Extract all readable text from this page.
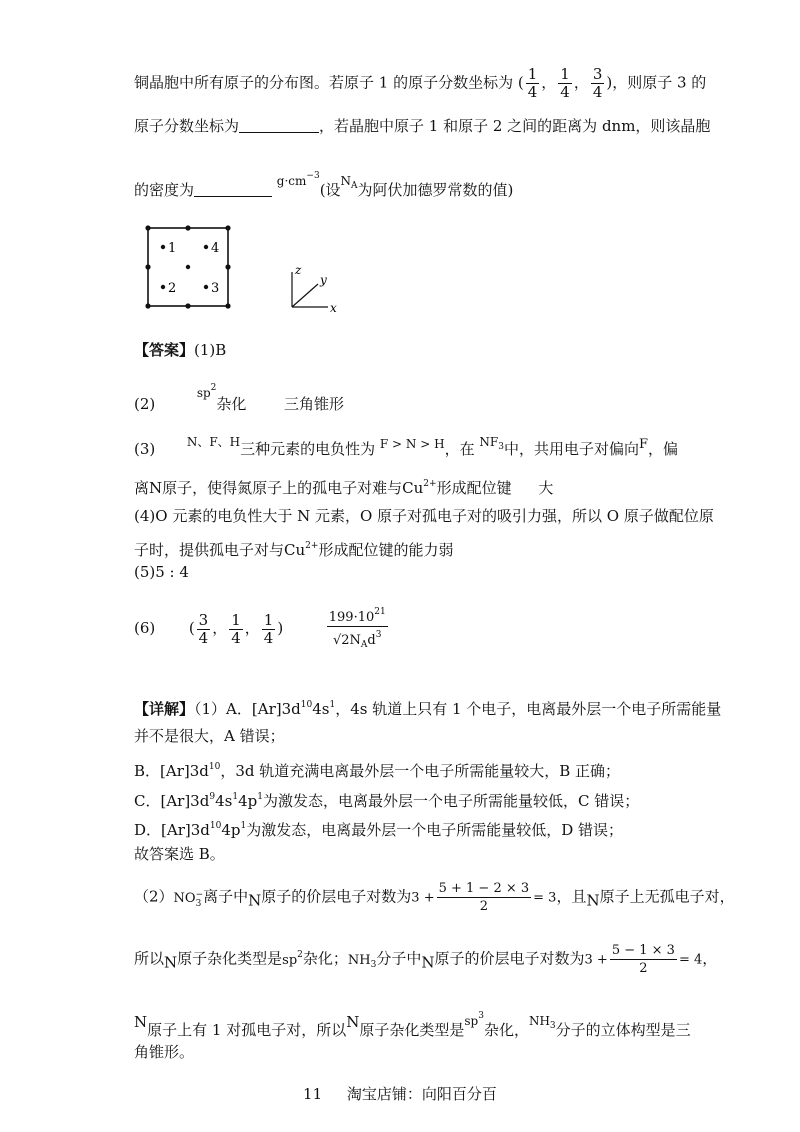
铜晶胞中所有原子的分布图。若原子 1 的原子分数坐标为 ( $\frac{1}{4}$ ， $\frac{1}{4}$ ， $\frac{3}{4}$ )，则原子 3 的
原子分数坐标为	，若晶胞中原子 1 和原子 2 之间的距离为 dnm，则该晶胞
的密度为	$^{g\cdot cm^{-3}}$(设$^{N_A}$为阿伏加德罗常数的值)
1	4
2	3
z
y
x
【答案】(1)B
(2)  $^{sp^2}$杂化	三角锥形
(3)	$^{N、F、H}$三种元素的电负性为 $^{F > N > H}$，在 $^{NF_3}$中，共用电子对偏向F，偏
离N原子，使得氮原子上的孤电子对难与$Cu^{2+}$形成配位键 大
(4)O 元素的电负性大于 N 元素，O 原子对孤电子对的吸引力强，所以 O 原子做配位原
子时，提供孤电子对与$Cu^{2+}$形成配位键的能力弱
(5)5 : 4
(6) ( $\frac{3}{4}$ ， $\frac{1}{4}$ ， $\frac{1}{4}$ )	$\frac{199\cdot 10^{21}}{√2N_Ad^3}$
【详解】（1）A．$[Ar]3d^{10}4s^1$，4s 轨道上只有 1 个电子，电离最外层一个电子所需能量
并不是很大，A 错误；
B．$[Ar]3d^{10}$，3d 轨道充满电离最外层一个电子所需能量较大，B 正确；
C．$[Ar]3d^94s^14p^1$为激发态，电离最外层一个电子所需能量较低，C 错误；
D．$[Ar]3d^{10}4p^1$为激发态，电离最外层一个电子所需能量较低，D 错误；
故答案选 B。
（2）NO −
3 离子中N原子的价层电子对数为$3 + \frac{5 + 1 - 2 \times 3}{2} = 3$，且N原子上无孤电子对，
所以N原子杂化类型是$sp^2$杂化；$NH_3$分子中N原子的价层电子对数为$3 + \frac{5 - 1 \times 3}{2} = 4$，
N原子上有 1 对孤电子对，所以N原子杂化类型是$^{sp^3}$杂化，$^{NH_3}$分子的立体构型是三
角锥形。
11 淘宝店铺：向阳百分百
